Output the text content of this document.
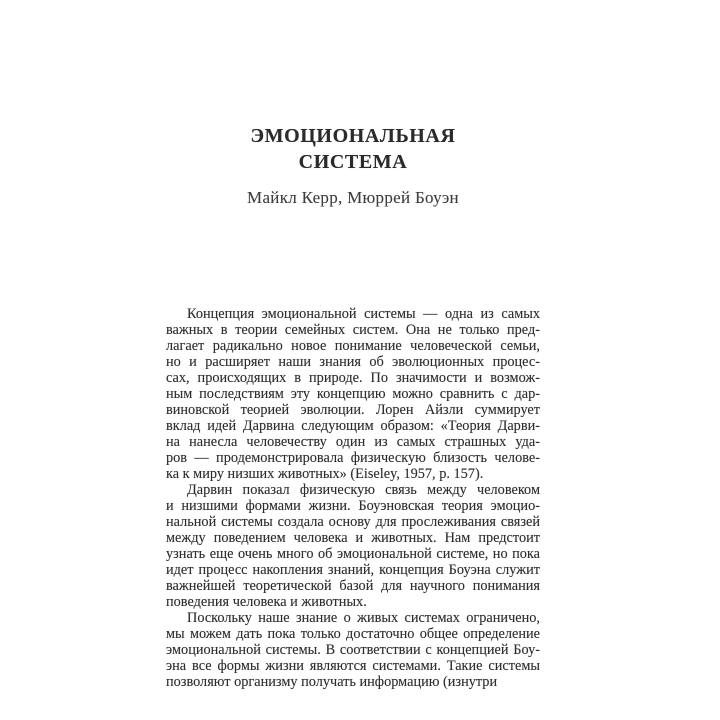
ЭМОЦИОНАЛЬНАЯ
СИСТЕМА
Майкл Керр, Мюррей Боуэн
Концепция эмоциональной системы — одна из самых
важных в теории семейных систем. Она не только пред-
лагает радикально новое понимание человеческой семьи,
но и расширяет наши знания об эволюционных процес-
сах, происходящих в природе. По значимости и возмож-
ным последствиям эту концепцию можно сравнить с дар-
виновской теорией эволюции. Лорен Айзли суммирует
вклад идей Дарвина следующим образом: «Теория Дарви-
на нанесла человечеству один из самых страшных уда-
ров — продемонстрировала физическую близость челове-
ка к миру низших животных» (Eiseley, 1957, p. 157).
Дарвин показал физическую связь между человеком
и низшими формами жизни. Боуэновская теория эмоцио-
нальной системы создала основу для прослеживания связей
между поведением человека и животных. Нам предстоит
узнать еще очень много об эмоциональной системе, но пока
идет процесс накопления знаний, концепция Боуэна служит
важнейшей теоретической базой для научного понимания
поведения человека и животных.
Поскольку наше знание о живых системах ограничено,
мы можем дать пока только достаточно общее определение
эмоциональной системы. В соответствии с концепцией Боу-
эна все формы жизни являются системами. Такие системы
позволяют организму получать информацию (изнутри
